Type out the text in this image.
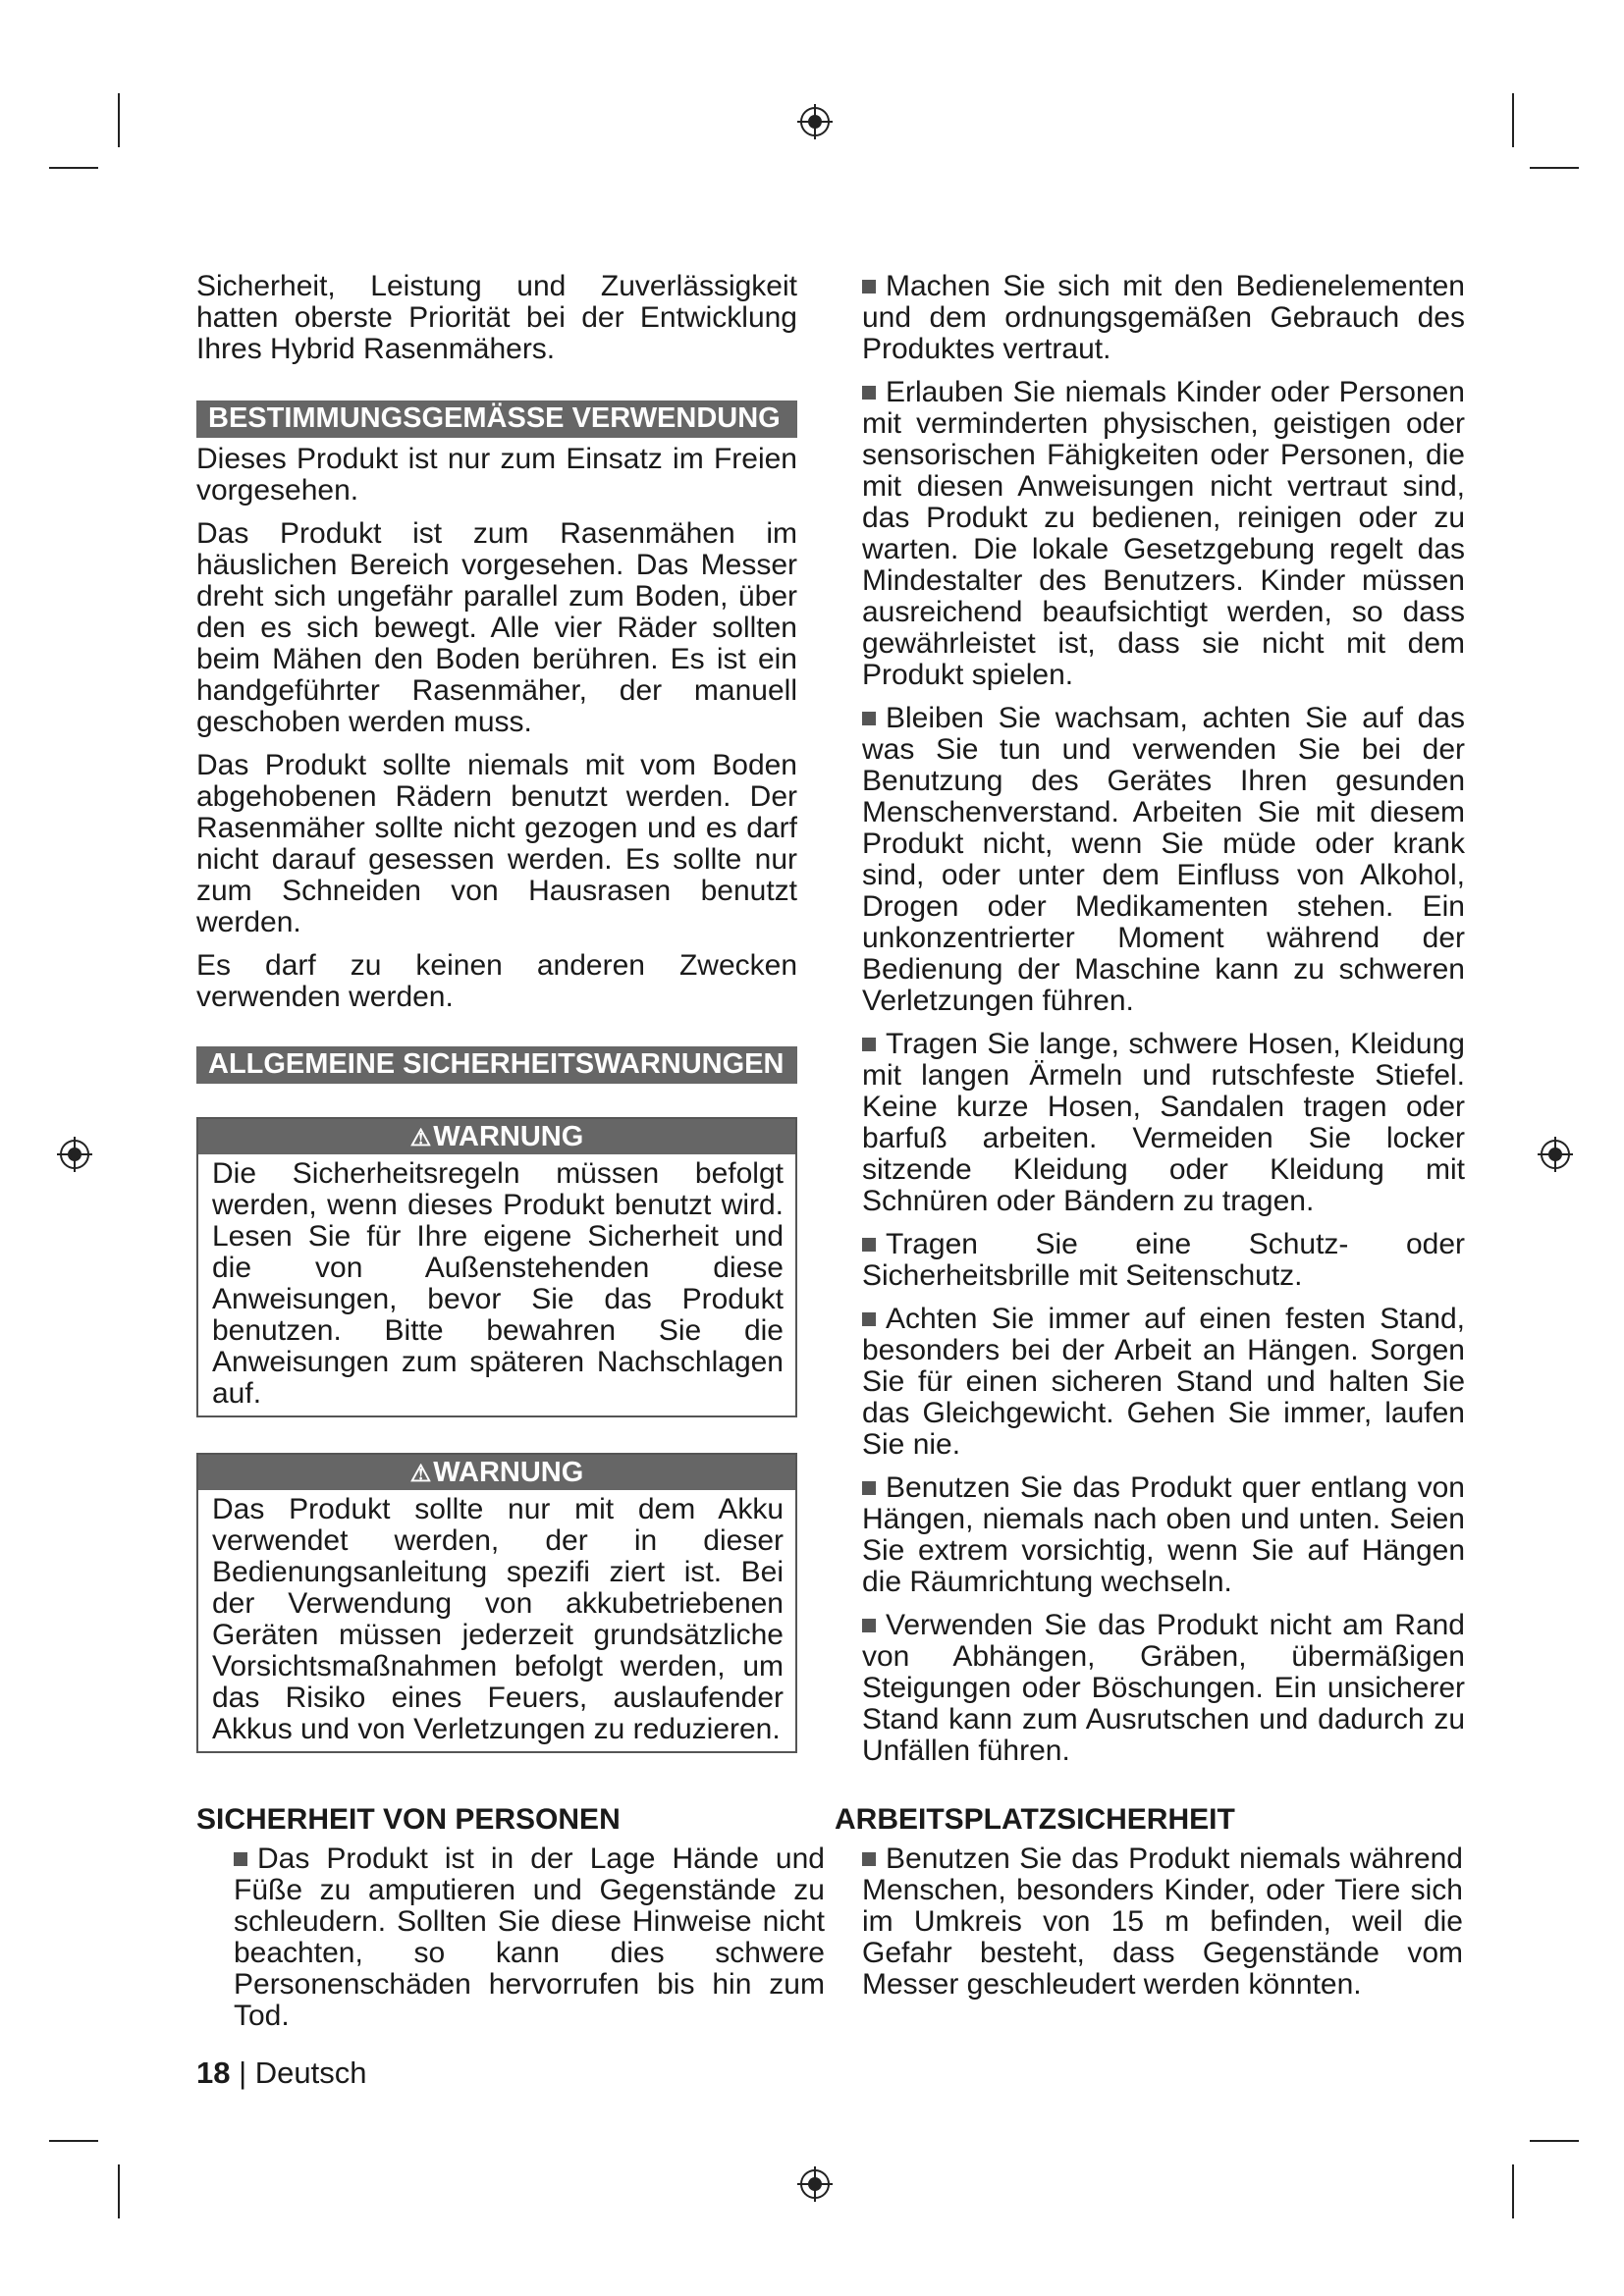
Sicherheit, Leistung und Zuverlässigkeit hatten oberste Priorität bei der Entwicklung Ihres Hybrid Rasenmähers.

BESTIMMUNGSGEMÄSSE VERWENDUNG

Dieses Produkt ist nur zum Einsatz im Freien vorgesehen.

Das Produkt ist zum Rasenmähen im häuslichen Bereich vorgesehen. Das Messer dreht sich ungefähr parallel zum Boden, über den es sich bewegt. Alle vier Räder sollten beim Mähen den Boden berühren. Es ist ein handgeführter Rasenmäher, der manuell geschoben werden muss.

Das Produkt sollte niemals mit vom Boden abgehobenen Rädern benutzt werden. Der Rasenmäher sollte nicht gezogen und es darf nicht darauf gesessen werden. Es sollte nur zum Schneiden von Hausrasen benutzt werden.

Es darf zu keinen anderen Zwecken verwenden werden.

ALLGEMEINE SICHERHEITSWARNUNGEN
⚠WARNUNG
Die Sicherheitsregeln müssen befolgt werden, wenn dieses Produkt benutzt wird. Lesen Sie für Ihre eigene Sicherheit und die von Außenstehenden diese Anweisungen, bevor Sie das Produkt benutzen. Bitte bewahren Sie die Anweisungen zum späteren Nachschlagen auf.
⚠WARNUNG
Das Produkt sollte nur mit dem Akku verwendet werden, der in dieser Bedienungsanleitung spezifi ziert ist. Bei der Verwendung von akkubetriebenen Geräten müssen jederzeit grundsätzliche Vorsichtsmaßnahmen befolgt werden, um das Risiko eines Feuers, auslaufender Akkus und von Verletzungen zu reduzieren.
SICHERHEIT VON PERSONEN
Das Produkt ist in der Lage Hände und Füße zu amputieren und Gegenstände zu schleudern. Sollten Sie diese Hinweise nicht beachten, so kann dies schwere Personenschäden hervorrufen bis hin zum Tod.
Machen Sie sich mit den Bedienelementen und dem ordnungsgemäßen Gebrauch des Produktes vertraut.
Erlauben Sie niemals Kinder oder Personen mit verminderten physischen, geistigen oder sensorischen Fähigkeiten oder Personen, die mit diesen Anweisungen nicht vertraut sind, das Produkt zu bedienen, reinigen oder zu warten. Die lokale Gesetzgebung regelt das Mindestalter des Benutzers. Kinder müssen ausreichend beaufsichtigt werden, so dass gewährleistet ist, dass sie nicht mit dem Produkt spielen.
Bleiben Sie wachsam, achten Sie auf das was Sie tun und verwenden Sie bei der Benutzung des Gerätes Ihren gesunden Menschenverstand. Arbeiten Sie mit diesem Produkt nicht, wenn Sie müde oder krank sind, oder unter dem Einfluss von Alkohol, Drogen oder Medikamenten stehen. Ein unkonzentrierter Moment während der Bedienung der Maschine kann zu schweren Verletzungen führen.
Tragen Sie lange, schwere Hosen, Kleidung mit langen Ärmeln und rutschfeste Stiefel. Keine kurze Hosen, Sandalen tragen oder barfuß arbeiten. Vermeiden Sie locker sitzende Kleidung oder Kleidung mit Schnüren oder Bändern zu tragen.
Tragen Sie eine Schutz- oder Sicherheitsbrille mit Seitenschutz.
Achten Sie immer auf einen festen Stand, besonders bei der Arbeit an Hängen. Sorgen Sie für einen sicheren Stand und halten Sie das Gleichgewicht. Gehen Sie immer, laufen Sie nie.
Benutzen Sie das Produkt quer entlang von Hängen, niemals nach oben und unten. Seien Sie extrem vorsichtig, wenn Sie auf Hängen die Räumrichtung wechseln.
Verwenden Sie das Produkt nicht am Rand von Abhängen, Gräben, übermäßigen Steigungen oder Böschungen. Ein unsicherer Stand kann zum Ausrutschen und dadurch zu Unfällen führen.
ARBEITSPLATZSICHERHEIT
Benutzen Sie das Produkt niemals während Menschen, besonders Kinder, oder Tiere sich im Umkreis von 15 m befinden, weil die Gefahr besteht, dass Gegenstände vom Messer geschleudert werden könnten.
18 | Deutsch
